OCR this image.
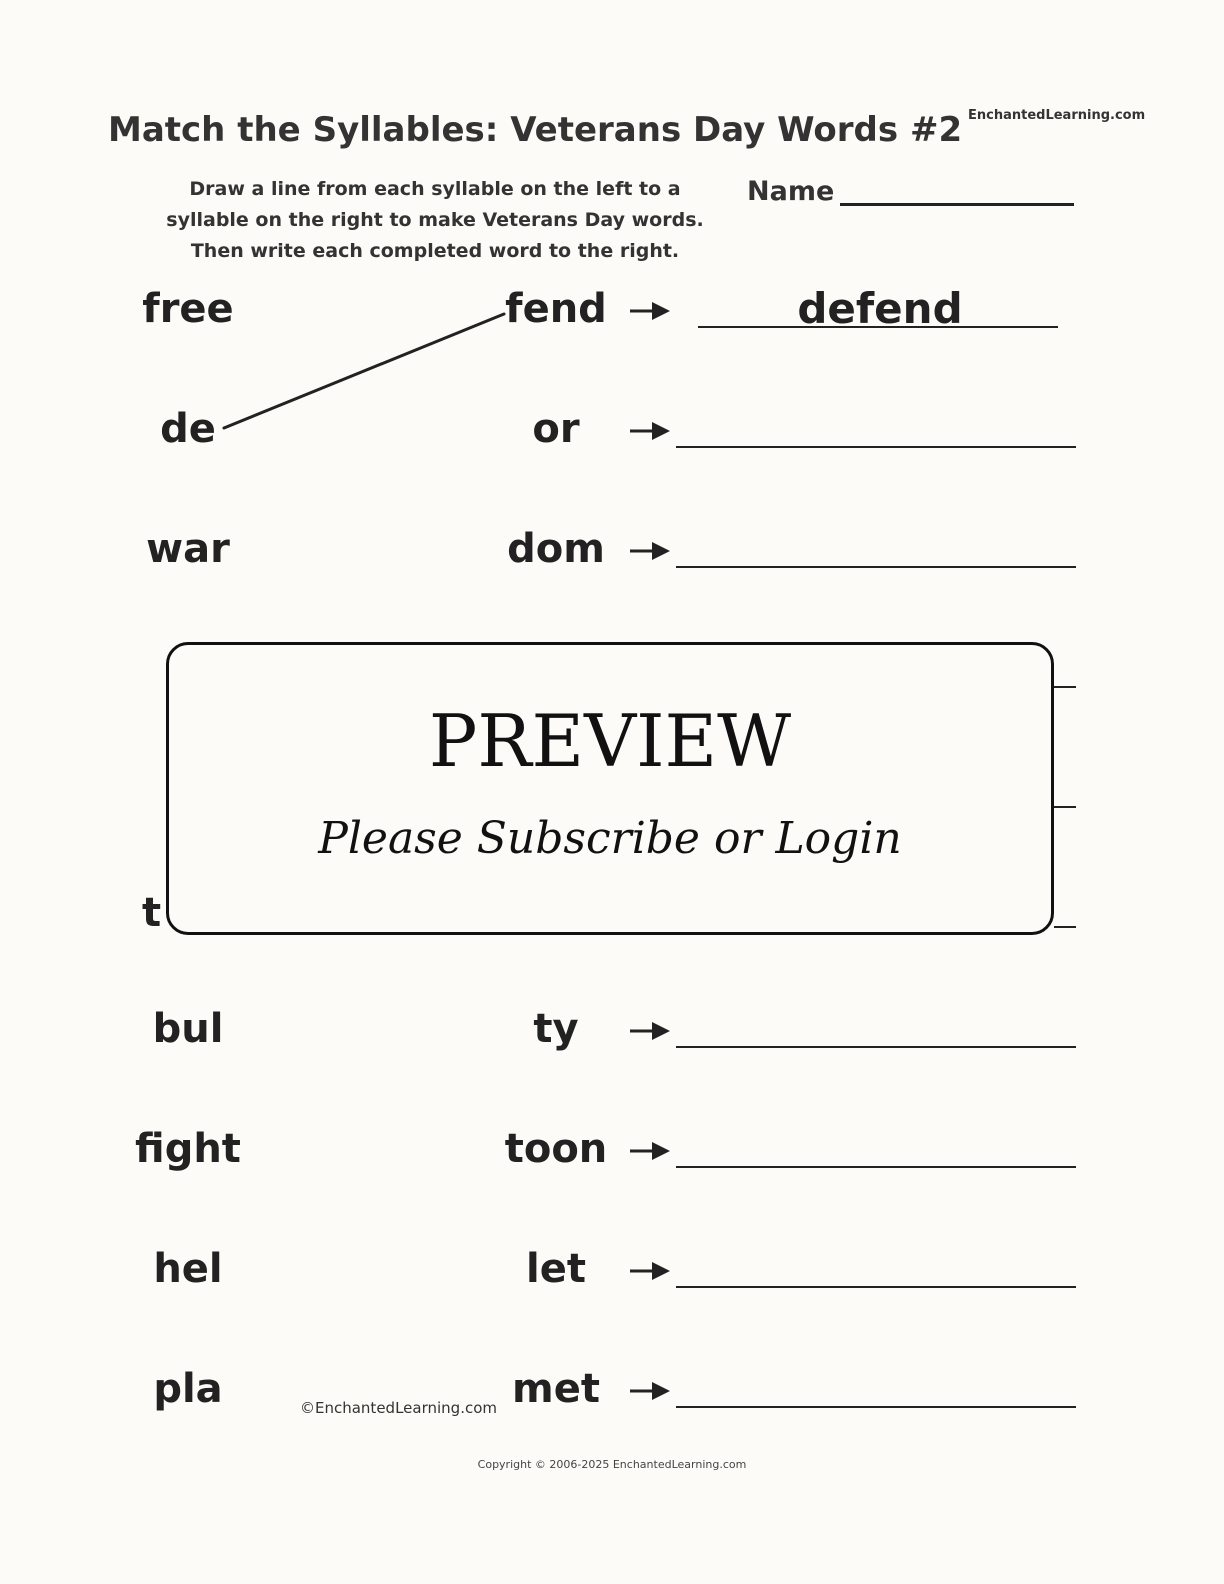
Match the Syllables: Veterans Day Words #2 EnchantedLearning.com
Draw a line from each syllable on the left to a
syllable on the right to make Veterans Day words.
Then write each completed word to the right.
Name
free	fend	defend
de	or
war	dom
t
PREVIEW
Please Subscribe or Login
bul	ty
fight	toon
hel	let
pla	met
©EnchantedLearning.com
Copyright © 2006-2025 EnchantedLearning.com
